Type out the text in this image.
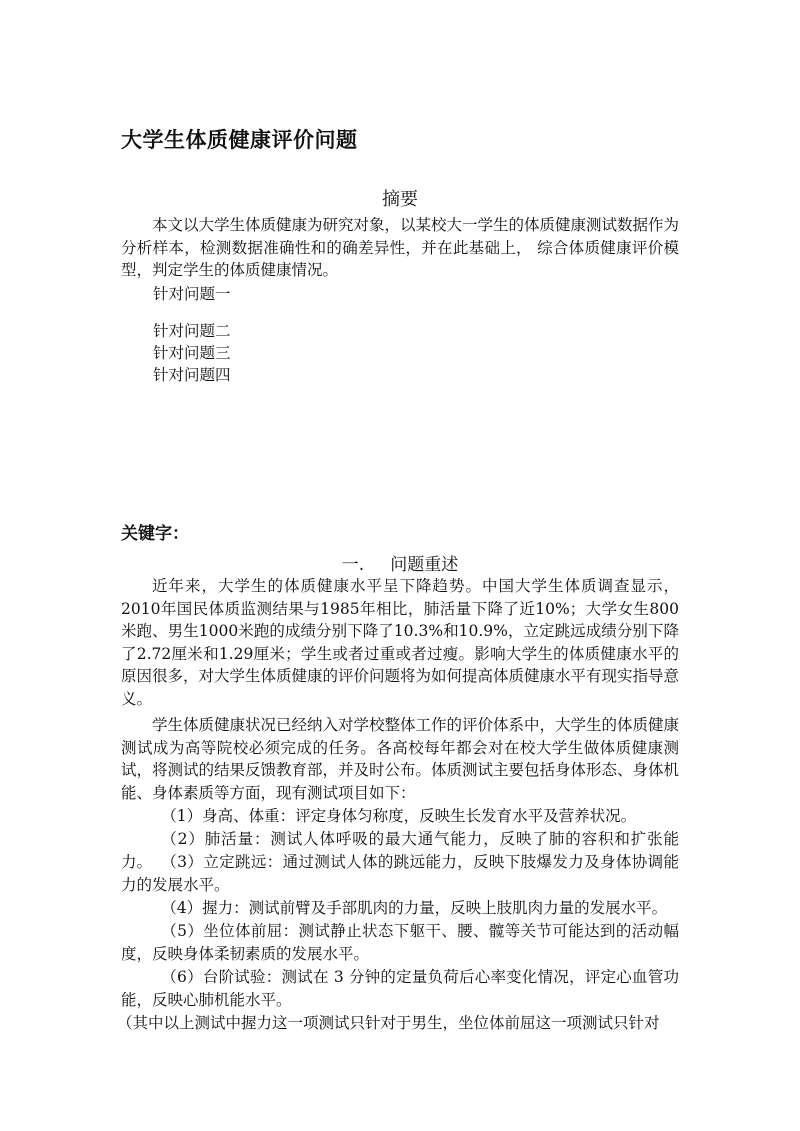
大学生体质健康评价问题
摘要

本文以大学生体质健康为研究对象，以某校大一学生的体质健康测试数据作为分析样本，检测数据准确性和的确差异性，并在此基础上， 综合体质健康评价模型，判定学生的体质健康情况。

针对问题一
针对问题二
针对问题三
针对问题四
关键字：
一. 问题重述

近年来，大学生的体质健康水平呈下降趋势。中国大学生体质调查显示，2010年国民体质监测结果与1985年相比，肺活量下降了近10%；大学女生800米跑、男生1000米跑的成绩分别下降了10.3%和10.9%，立定跳远成绩分别下降了2.72厘米和1.29厘米；学生或者过重或者过瘦。影响大学生的体质健康水平的原因很多，对大学生体质健康的评价问题将为如何提高体质健康水平有现实指导意义。

学生体质健康状况已经纳入对学校整体工作的评价体系中，大学生的体质健康测试成为高等院校必须完成的任务。各高校每年都会对在校大学生做体质健康测试，将测试的结果反馈教育部，并及时公布。体质测试主要包括身体形态、身体机能、身体素质等方面，现有测试项目如下：

（1）身高、体重：评定身体匀称度，反映生长发育水平及营养状况。

（2）肺活量：测试人体呼吸的最大通气能力，反映了肺的容积和扩张能力。 （3）立定跳远：通过测试人体的跳远能力，反映下肢爆发力及身体协调能力的发展水平。

（4）握力：测试前臂及手部肌肉的力量，反映上肢肌肉力量的发展水平。

（5）坐位体前屈：测试静止状态下躯干、腰、髋等关节可能达到的活动幅度，反映身体柔韧素质的发展水平。

（6）台阶试验：测试在 3 分钟的定量负荷后心率变化情况，评定心血管功能，反映心肺机能水平。

（其中以上测试中握力这一项测试只针对于男生，坐位体前屈这一项测试只针对
